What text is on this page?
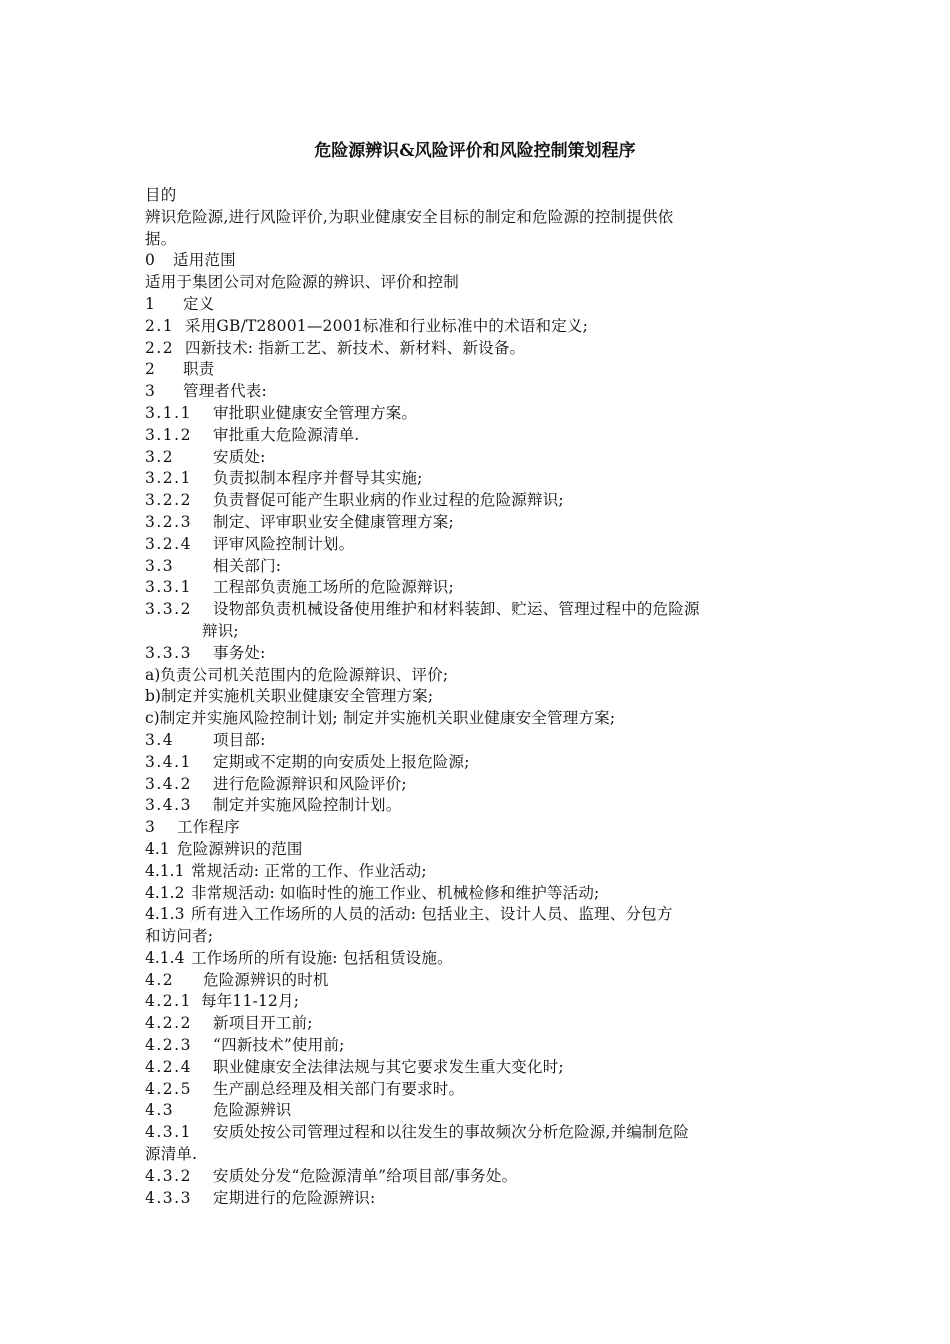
危险源辨识&风险评价和风险控制策划程序
目的
辨识危险源,进行风险评价,为职业健康安全目标的制定和危险源的控制提供依
据。
0 适用范围
适用于集团公司对危险源的辨识、评价和控制
1 定义
2.1 采用GB/T28001—2001标准和行业标准中的术语和定义;
2.2 四新技术: 指新工艺、新技术、新材料、新设备。
2 职责
3 管理者代表:
3.1.1 审批职业健康安全管理方案。
3.1.2 审批重大危险源清单.
3.2	安质处:
3.2.1 负责拟制本程序并督导其实施;
3.2.2 负责督促可能产生职业病的作业过程的危险源辩识;
3.2.3 制定、评审职业安全健康管理方案;
3.2.4 评审风险控制计划。
3.3	相关部门:
3.3.1 工程部负责施工场所的危险源辩识;
3.3.2 设物部负责机械设备使用维护和材料装卸、贮运、管理过程中的危险源
辩识;
3.3.3 事务处:
a)负责公司机关范围内的危险源辩识、评价;
b)制定并实施机关职业健康安全管理方案;
c)制定并实施风险控制计划; 制定并实施机关职业健康安全管理方案;
3.4	项目部:
3.4.1 定期或不定期的向安质处上报危险源;
3.4.2 进行危险源辩识和风险评价;
3.4.3 制定并实施风险控制计划。
3 工作程序
4.1 危险源辨识的范围
4.1.1 常规活动: 正常的工作、作业活动;
4.1.2 非常规活动: 如临时性的施工作业、机械检修和维护等活动;
4.1.3 所有进入工作场所的人员的活动: 包括业主、设计人员、监理、分包方
和访问者;
4.1.4 工作场所的所有设施: 包括租赁设施。
4.2 危险源辨识的时机
4.2.1 每年11-12月;
4.2.2 新项目开工前;
4.2.3 “四新技术”使用前;
4.2.4 职业健康安全法律法规与其它要求发生重大变化时;
4.2.5 生产副总经理及相关部门有要求时。
4.3	危险源辨识
4.3.1 安质处按公司管理过程和以往发生的事故频次分析危险源,并编制危险
源清单.
4.3.2 安质处分发“危险源清单”给项目部/事务处。
4.3.3 定期进行的危险源辨识:
